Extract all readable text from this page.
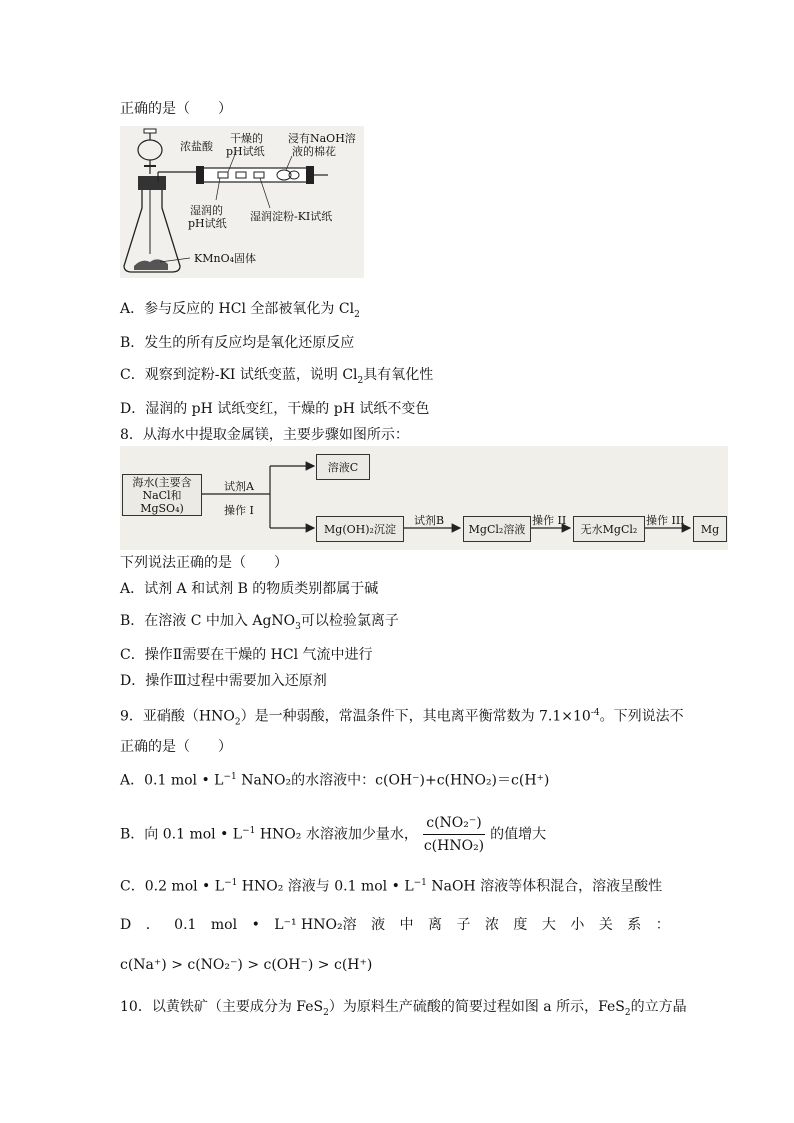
正确的是（　　）
浓盐酸
干燥的
pH试纸
浸有NaOH溶
液的棉花
湿润的
pH试纸
湿润淀粉-KI试纸
KMnO₄固体
A．参与反应的 HCl 全部被氧化为 $Cl_2$
B．发生的所有反应均是氧化还原反应
C．观察到淀粉-KI 试纸变蓝，说明 $Cl_2$具有氧化性
D．湿润的 pH 试纸变红，干燥的 pH 试纸不变色
8．从海水中提取金属镁，主要步骤如图所示：
海水(主要含
NaCl和MgSO₄)
试剂A
操作 I
溶液C
Mg(OH)₂沉淀
试剂B
MgCl₂溶液
操作 II
无水MgCl₂
操作 III
Mg
下列说法正确的是（　　）
A．试剂 A 和试剂 B 的物质类别都属于碱
B．在溶液 C 中加入 AgNO$_3$可以检验氯离子
C．操作Ⅱ需要在干燥的 HCl 气流中进行
D．操作Ⅲ过程中需要加入还原剂
9．亚硝酸$(HNO_2)$是一种弱酸，常温条件下，其电离平衡常数为 $7.1\times 10^{-4}$。下列说法不
正确的是（　　）
A．0.1 mol • $L^{-1}$ NaNO₂的水溶液中：c(OH⁻)+c(HNO₂)＝c(H⁺)
B．向 0.1 mol • $L^{-1}$ HNO₂ 水溶液加少量水， $\frac{\text{c(NO₂⁻)}}{\text{c(HNO₂)}}$ 的值增大
C．0.2 mol • $L^{-1}$ HNO₂ 溶液与 0.1 mol • $L^{-1}$ NaOH 溶液等体积混合，溶液呈酸性
D ． 0.1 mol • L⁻¹ HNO₂溶 液 中 离 子 浓 度 大 小 关 系 ：
c(Na⁺) > c(NO₂⁻) > c(OH⁻) > c(H⁺)
10．以黄铁矿（主要成分为 FeS$_2$）为原料生产硫酸的简要过程如图 a 所示，FeS$_2$的立方晶
